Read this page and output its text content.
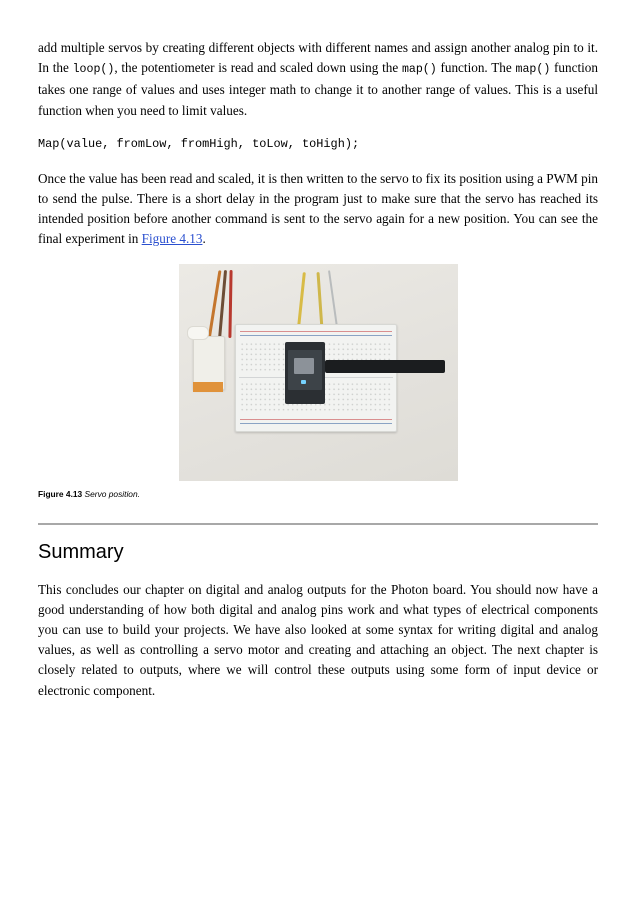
add multiple servos by creating different objects with different names and assign another analog pin to it. In the loop(), the potentiometer is read and scaled down using the map() function. The map() function takes one range of values and uses integer math to change it to another range of values. This is a useful function when you need to limit values.

Map(value, fromLow, fromHigh, toLow, toHigh);

Once the value has been read and scaled, it is then written to the servo to fix its position using a PWM pin to send the pulse. There is a short delay in the program just to make sure that the servo has reached its intended position before another command is sent to the servo again for a new position. You can see the final experiment in Figure 4.13.

Figure 4.13 Servo position.

Summary

This concludes our chapter on digital and analog outputs for the Photon board. You should now have a good understanding of how both digital and analog pins work and what types of electrical components you can use to build your projects. We have also looked at some syntax for writing digital and analog values, as well as controlling a servo motor and creating and attaching an object. The next chapter is closely related to outputs, where we will control these outputs using some form of input device or electronic component.
